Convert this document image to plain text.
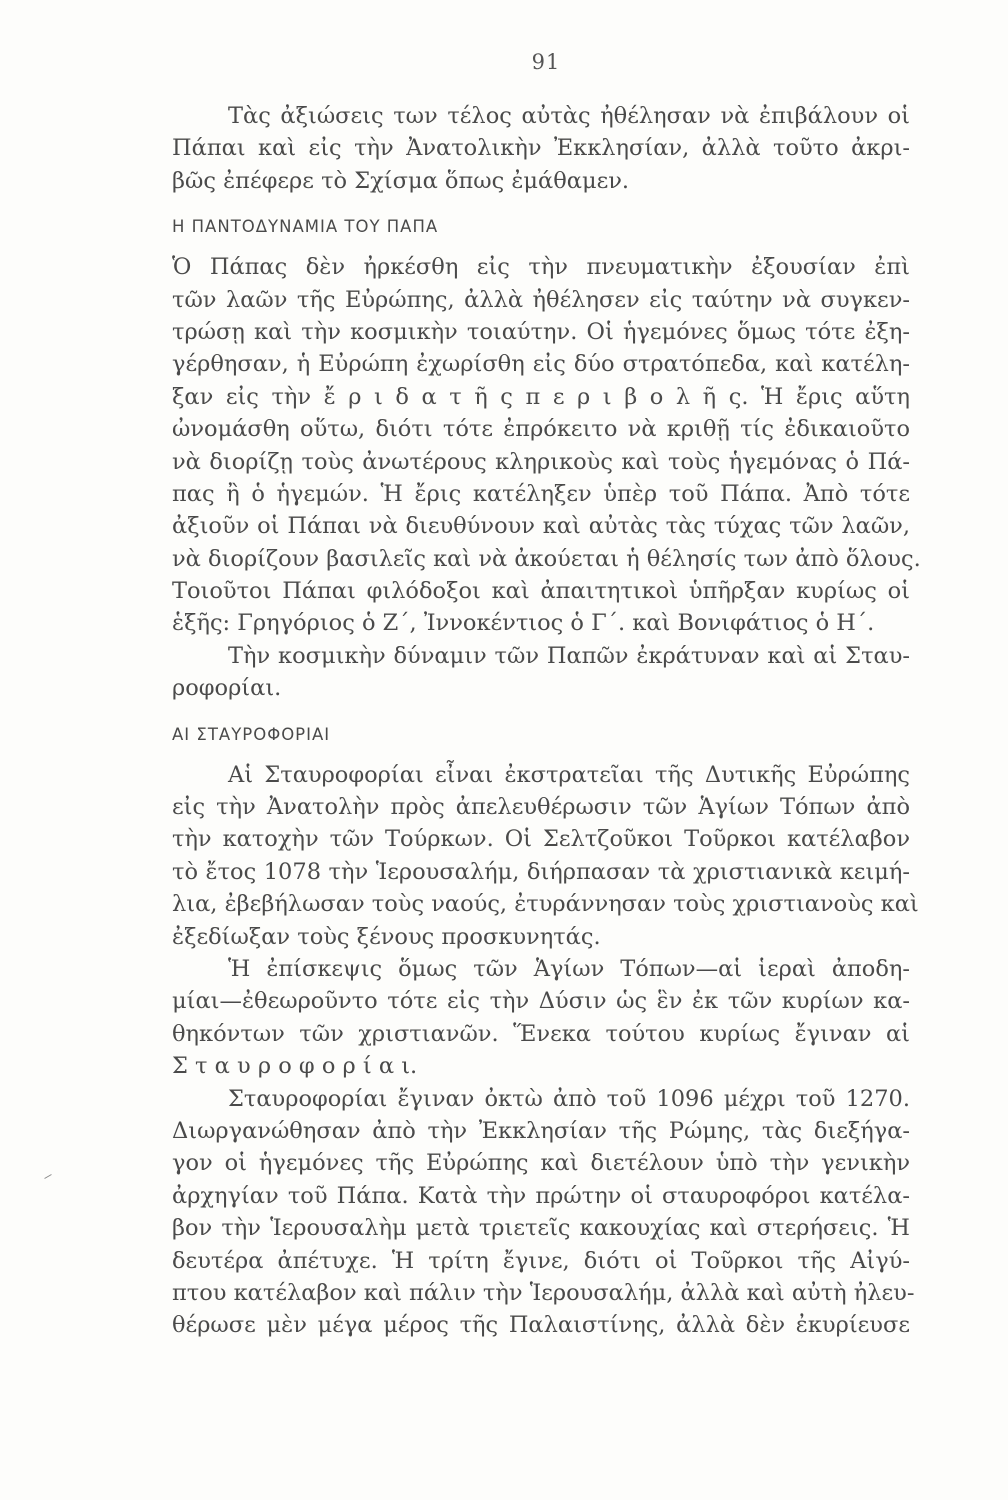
91
Τὰς ἀξιώσεις των τέλος αὐτὰς ἠθέλησαν νὰ ἐπιβάλουν οἱ
Πάπαι καὶ εἰς τὴν Ἀνατολικὴν Ἐκκλησίαν, ἀλλὰ τοῦτο ἀκρι-
βῶς ἐπέφερε τὸ Σχίσμα ὅπως ἐμάθαμεν.
Η ΠΑΝΤΟΔΥΝΑΜΙΑ ΤΟΥ ΠΑΠΑ
Ὁ Πάπας δὲν ἠρκέσθη εἰς τὴν πνευματικὴν ἐξουσίαν ἐπὶ
τῶν λαῶν τῆς Εὐρώπης, ἀλλὰ ἠθέλησεν εἰς ταύτην νὰ συγκεν-
τρώσῃ καὶ τὴν κοσμικὴν τοιαύτην. Οἱ ἡγεμόνες ὅμως τότε ἐξη-
γέρθησαν, ἡ Εὐρώπη ἐχωρίσθη εἰς δύο στρατόπεδα, καὶ κατέλη-
ξαν εἰς τὴν ἔ ρ ι δ α τ ῆ ς π ε ρ ι β ο λ ῆ ς. Ἡ ἔρις αὕτη
ὠνομάσθη οὕτω, διότι τότε ἐπρόκειτο νὰ κριθῇ τίς ἐδικαιοῦτο
νὰ διορίζῃ τοὺς ἀνωτέρους κληρικοὺς καὶ τοὺς ἡγεμόνας ὁ Πά-
πας ἢ ὁ ἡγεμών. Ἡ ἔρις κατέληξεν ὑπὲρ τοῦ Πάπα. Ἀπὸ τότε
ἀξιοῦν οἱ Πάπαι νὰ διευθύνουν καὶ αὐτὰς τὰς τύχας τῶν λαῶν,
νὰ διορίζουν βασιλεῖς καὶ νὰ ἀκούεται ἡ θέλησίς των ἀπὸ ὅλους.
Τοιοῦτοι Πάπαι φιλόδοξοι καὶ ἀπαιτητικοὶ ὑπῆρξαν κυρίως οἱ
ἑξῆς: Γρηγόριος ὁ Ζ΄, Ἰννοκέντιος ὁ Γ΄. καὶ Βονιφάτιος ὁ Η΄.
Τὴν κοσμικὴν δύναμιν τῶν Παπῶν ἐκράτυναν καὶ αἱ Σταυ-
ροφορίαι.
ΑΙ ΣΤΑΥΡΟΦΟΡΙΑΙ
Αἱ Σταυροφορίαι εἶναι ἐκστρατεῖαι τῆς Δυτικῆς Εὐρώπης
εἰς τὴν Ἀνατολὴν πρὸς ἀπελευθέρωσιν τῶν Ἁγίων Τόπων ἀπὸ
τὴν κατοχὴν τῶν Τούρκων. Οἱ Σελτζοῦκοι Τοῦρκοι κατέλαβον
τὸ ἔτος 1078 τὴν Ἱερουσαλήμ, διήρπασαν τὰ χριστιανικὰ κειμή-
λια, ἐβεβήλωσαν τοὺς ναούς, ἐτυράννησαν τοὺς χριστιανοὺς καὶ
ἐξεδίωξαν τοὺς ξένους προσκυνητάς.
Ἡ ἐπίσκεψις ὅμως τῶν Ἁγίων Τόπων—αἱ ἱεραὶ ἀποδη-
μίαι—ἐθεωροῦντο τότε εἰς τὴν Δύσιν ὡς ἓν ἐκ τῶν κυρίων κα-
θηκόντων τῶν χριστιανῶν. Ἕνεκα τούτου κυρίως ἔγιναν αἱ
Σ τ α υ ρ ο φ ο ρ ί α ι.
Σταυροφορίαι ἔγιναν ὀκτὼ ἀπὸ τοῦ 1096 μέχρι τοῦ 1270.
Διωργανώθησαν ἀπὸ τὴν Ἐκκλησίαν τῆς Ρώμης, τὰς διεξήγα-
γον οἱ ἡγεμόνες τῆς Εὐρώπης καὶ διετέλουν ὑπὸ τὴν γενικὴν
ἀρχηγίαν τοῦ Πάπα. Κατὰ τὴν πρώτην οἱ σταυροφόροι κατέλα-
βον τὴν Ἱερουσαλὴμ μετὰ τριετεῖς κακουχίας καὶ στερήσεις. Ἡ
δευτέρα ἀπέτυχε. Ἡ τρίτη ἔγινε, διότι οἱ Τοῦρκοι τῆς Αἰγύ-
πτου κατέλαβον καὶ πάλιν τὴν Ἱερουσαλήμ, ἀλλὰ καὶ αὐτὴ ἠλευ-
θέρωσε μὲν μέγα μέρος τῆς Παλαιστίνης, ἀλλὰ δὲν ἐκυρίευσε
